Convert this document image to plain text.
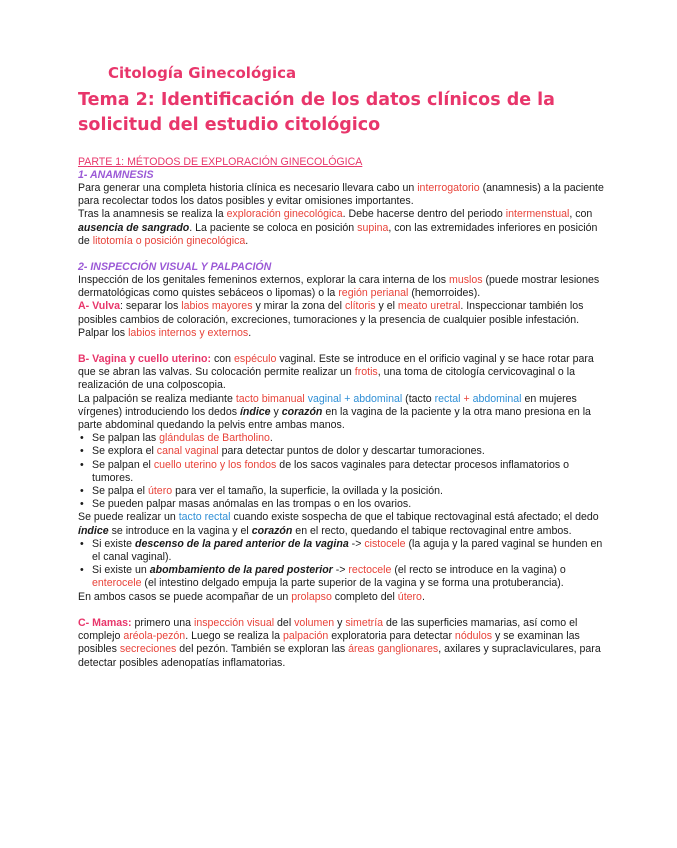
Citología Ginecológica
Tema 2: Identificación de los datos clínicos de la solicitud del estudio citológico
PARTE 1: MÉTODOS DE EXPLORACIÓN GINECOLÓGICA
1- ANAMNESIS

Para generar una completa historia clínica es necesario llevara cabo un interrogatorio (anamnesis) a la paciente para recolectar todos los datos posibles y evitar omisiones importantes.

Tras la anamnesis se realiza la exploración ginecológica. Debe hacerse dentro del periodo intermenstual, con ausencia de sangrado. La paciente se coloca en posición supina, con las extremidades inferiores en posición de litotomía o posición ginecológica.

2- INSPECCIÓN VISUAL Y PALPACIÓN

Inspección de los genitales femeninos externos, explorar la cara interna de los muslos (puede mostrar lesiones dermatológicas como quistes sebáceos o lipomas) o la región perianal (hemorroides).

A- Vulva: separar los labios mayores y mirar la zona del clítoris y el meato uretral. Inspeccionar también los posibles cambios de coloración, excreciones, tumoraciones y la presencia de cualquier posible infestación. Palpar los labios internos y externos.

B- Vagina y cuello uterino: con espéculo vaginal. Este se introduce en el orificio vaginal y se hace rotar para que se abran las valvas. Su colocación permite realizar un frotis, una toma de citología cervicovaginal o la realización de una colposcopia.

La palpación se realiza mediante tacto bimanual vaginal + abdominal (tacto rectal + abdominal en mujeres vírgenes) introduciendo los dedos índice y corazón en la vagina de la paciente y la otra mano presiona en la parte abdominal quedando la pelvis entre ambas manos.

• Se palpan las glándulas de Bartholino.
• Se explora el canal vaginal para detectar puntos de dolor y descartar tumoraciones.
• Se palpan el cuello uterino y los fondos de los sacos vaginales para detectar procesos inflamatorios o tumores.
• Se palpa el útero para ver el tamaño, la superficie, la ovillada y la posición.
• Se pueden palpar masas anómalas en las trompas o en los ovarios.

Se puede realizar un tacto rectal cuando existe sospecha de que el tabique rectovaginal está afectado; el dedo índice se introduce en la vagina y el corazón en el recto, quedando el tabique rectovaginal entre ambos.

• Si existe descenso de la pared anterior de la vagina -> cistocele (la aguja y la pared vaginal se hunden en el canal vaginal).
• Si existe un abombamiento de la pared posterior -> rectocele (el recto se introduce en la vagina) o enterocele (el intestino delgado empuja la parte superior de la vagina y se forma una protuberancia).

En ambos casos se puede acompañar de un prolapso completo del útero.

C- Mamas: primero una inspección visual del volumen y simetría de las superficies mamarias, así como el complejo aréola-pezón. Luego se realiza la palpación exploratoria para detectar nódulos y se examinan las posibles secreciones del pezón. También se exploran las áreas ganglionares, axilares y supraclaviculares, para detectar posibles adenopatías inflamatorias.
